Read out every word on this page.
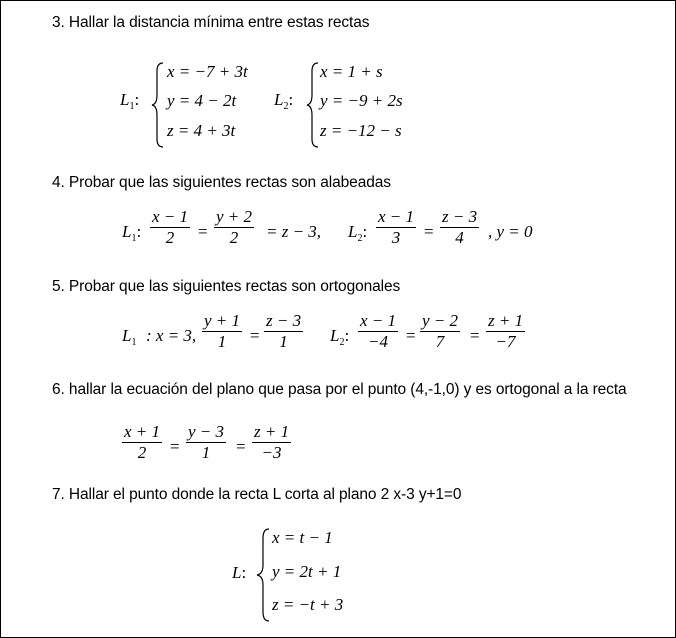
3. Hallar la distancia mínima entre estas rectas
$L_1$:
x = −7 + 3t
y = 4 − 2t
z = 4 + 3t
$L_2$:
x = 1 + s
y = −9 + 2s
z = −12 − s
4. Probar que las siguientes rectas son alabeadas
$L_1$:
x − 1
2 =
y + 2
2 = z − 3, $L_2$:
x − 1
3 =
z − 3
4 , y = 0
5. Probar que las siguientes rectas son ortogonales
$L_1$ : x = 3,
y + 1
1 =
z − 3
1 $L_2$:
x − 1
−4 =
y − 2
7 =
z + 1
−7
6. hallar la ecuación del plano que pasa por el punto (4,-1,0) y es ortogonal a la recta
x + 1
2 =
y − 3
1 =
z + 1
−3
7. Hallar el punto donde la recta L corta al plano 2 x-3 y+1=0
L:
x = t − 1
y = 2t + 1
z = −t + 3
